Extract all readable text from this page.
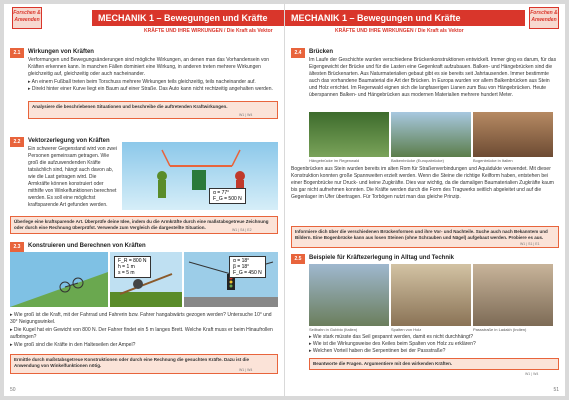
Forschen & Anwenden	MECHANIK 1 – Bewegungen und Kräfte
KRÄFTE UND IHRE WIRKUNGEN / Die Kraft als Vektor
2.1	Wirkungen von Kräften
Verformungen und Bewegungsänderungen sind mögliche Wirkungen, an denen man das Vorhandensein von Kräften erkennen kann. In manchen Fällen dominiert eine Wirkung, in anderen treten mehrere Wirkungen gleichzeitig auf, gleichzeitig oder auch nacheinander.
▸ An einem Fußball treten beim Torschuss mehrere Wirkungen teils gleichzeitig, teils nacheinander auf.
▸ Direkt hinter einer Kurve liegt ein Baum auf einer Straße. Das Auto kann nicht rechtzeitig angehalten werden.
Analysiere die beschriebenen Situationen und beschreibe die auftretenden Kraftwirkungen.
W1 | W4
2.2	Vektorzerlegung von Kräften
Ein schwerer Gegenstand wird von zwei Personen gemeinsam getragen. Wie groß die aufzuwendenden Kräfte tatsächlich sind, hängt auch davon ab, wie die Last getragen wird. Die Armkräfte können konstruiert oder mithilfe von Winkelfunktionen berechnet werden. Es soll eine möglichst kraftsparende Art gefunden werden.
α = 77°
F_G = 500 N
Überlege eine kraftsparende Art. Überprüfe deine Idee, indem du die Armkräfte durch eine maßstabsgetreue Zeichnung oder durch eine Rechnung überprüfst. Verwende zum Vergleich die dargestellte Situation.	W1 | S4 | E2
2.3	Konstruieren und Berechnen von Kräften
F_R = 800 N
h = 1 m
s = 5 m
α = 18°
β = 18°
F_G = 450 N
▸ Wie groß ist die Kraft, mit der Fahrrad und Fahrerin bzw. Fahrer hangabwärts gezogen werden? Untersuche 10° und 30° Neigungswinkel.
▸ Die Kugel hat ein Gewicht von 800 N. Der Fahrer findet ein 5 m langes Brett. Welche Kraft muss er beim Hinaufrollen aufbringen?
▸ Wie groß sind die Kräfte in den Halteseilen der Ampel?
Ermittle durch maßstabsgetreue Konstruktionen oder durch eine Rechnung die gesuchten Kräfte. Dazu ist die Anwendung von Winkelfunktionen nötig.
W1 | W4
50
Forschen & Anwenden
MECHANIK 1 – Bewegungen und Kräfte
KRÄFTE UND IHRE WIRKUNGEN / Die Kraft als Vektor
2.4	Brücken
Im Laufe der Geschichte wurden verschiedene Brückenkonstruktionen entwickelt. Immer ging es darum, für das Eigengewicht der Brücke und für die Lasten eine Gegenkraft aufzubauen. Balken- und Hängebrücken sind die ältesten Brückenarten. Aus Naturmaterialien gebaut gibt es sie bereits seit Jahrtausenden. Immer bestimmte auch das vorhandene Baumaterial die Art der Brücken. In Europa wurden vor allem Balkenbrücken aus Stein und Holz errichtet. Im Regenwald eignen sich die langfaserigen Lianen zum Bau von Hängebrücken. Heute überspannen Balken- und Hängebrücken aus modernen Materialien mehrere hundert Meter.
Hängebrücke im Regenwald	Balkenbrücke (Europabrücke)	Bogenbrücke in Italien
Bogenbrücken aus Stein wurden bereits im alten Rom für Straßenverbindungen und Aquädukte verwendet. Mit dieser Konstruktion konnten große Spannweiten erzielt werden. Wenn die Steine die richtige Keilform haben, entstehen bei einer Bogenbrücke nur Druck- und keine Zugkräfte. Dies war wichtig, da die damaligen Baumaterialien Zugkräfte kaum bis gar nicht aufnehmen konnten. Die Kräfte werden durch die Form des Tragwerks seitlich abgeleitet und auf die Gegenlager im Ufer übertragen. Für Torbögen nutzt man das gleiche Prinzip.
Informiere dich über die verschiedenen Brückenformen und ihre Vor- und Nachteile. Suche auch nach Bekanntem und Bildern. Eine Bogenbrücke kann aus losen Steinen (ohne Schrauben und Nägel) aufgebaut werden. Probiere es aus.
W1 | S1 | E1
2.5	Beispiele für Kräftezerlegung in Alltag und Technik
Seilbahn in Gubbio (Italien)	Spalten von Holz	Passstraße in Ladakh (Indien)
▸ Wie stark müsste das Seil gespannt werden, damit es nicht durchhängt?
▸ Wie ist die Wirkungsweise des Keiles beim Spalten von Holz zu erklären?
▸ Welchen Vorteil haben die Serpentinen bei der Passstraße?
Beantworte die Fragen. Argumentiere mit den wirkenden Kräften.
W1 | W4
51
